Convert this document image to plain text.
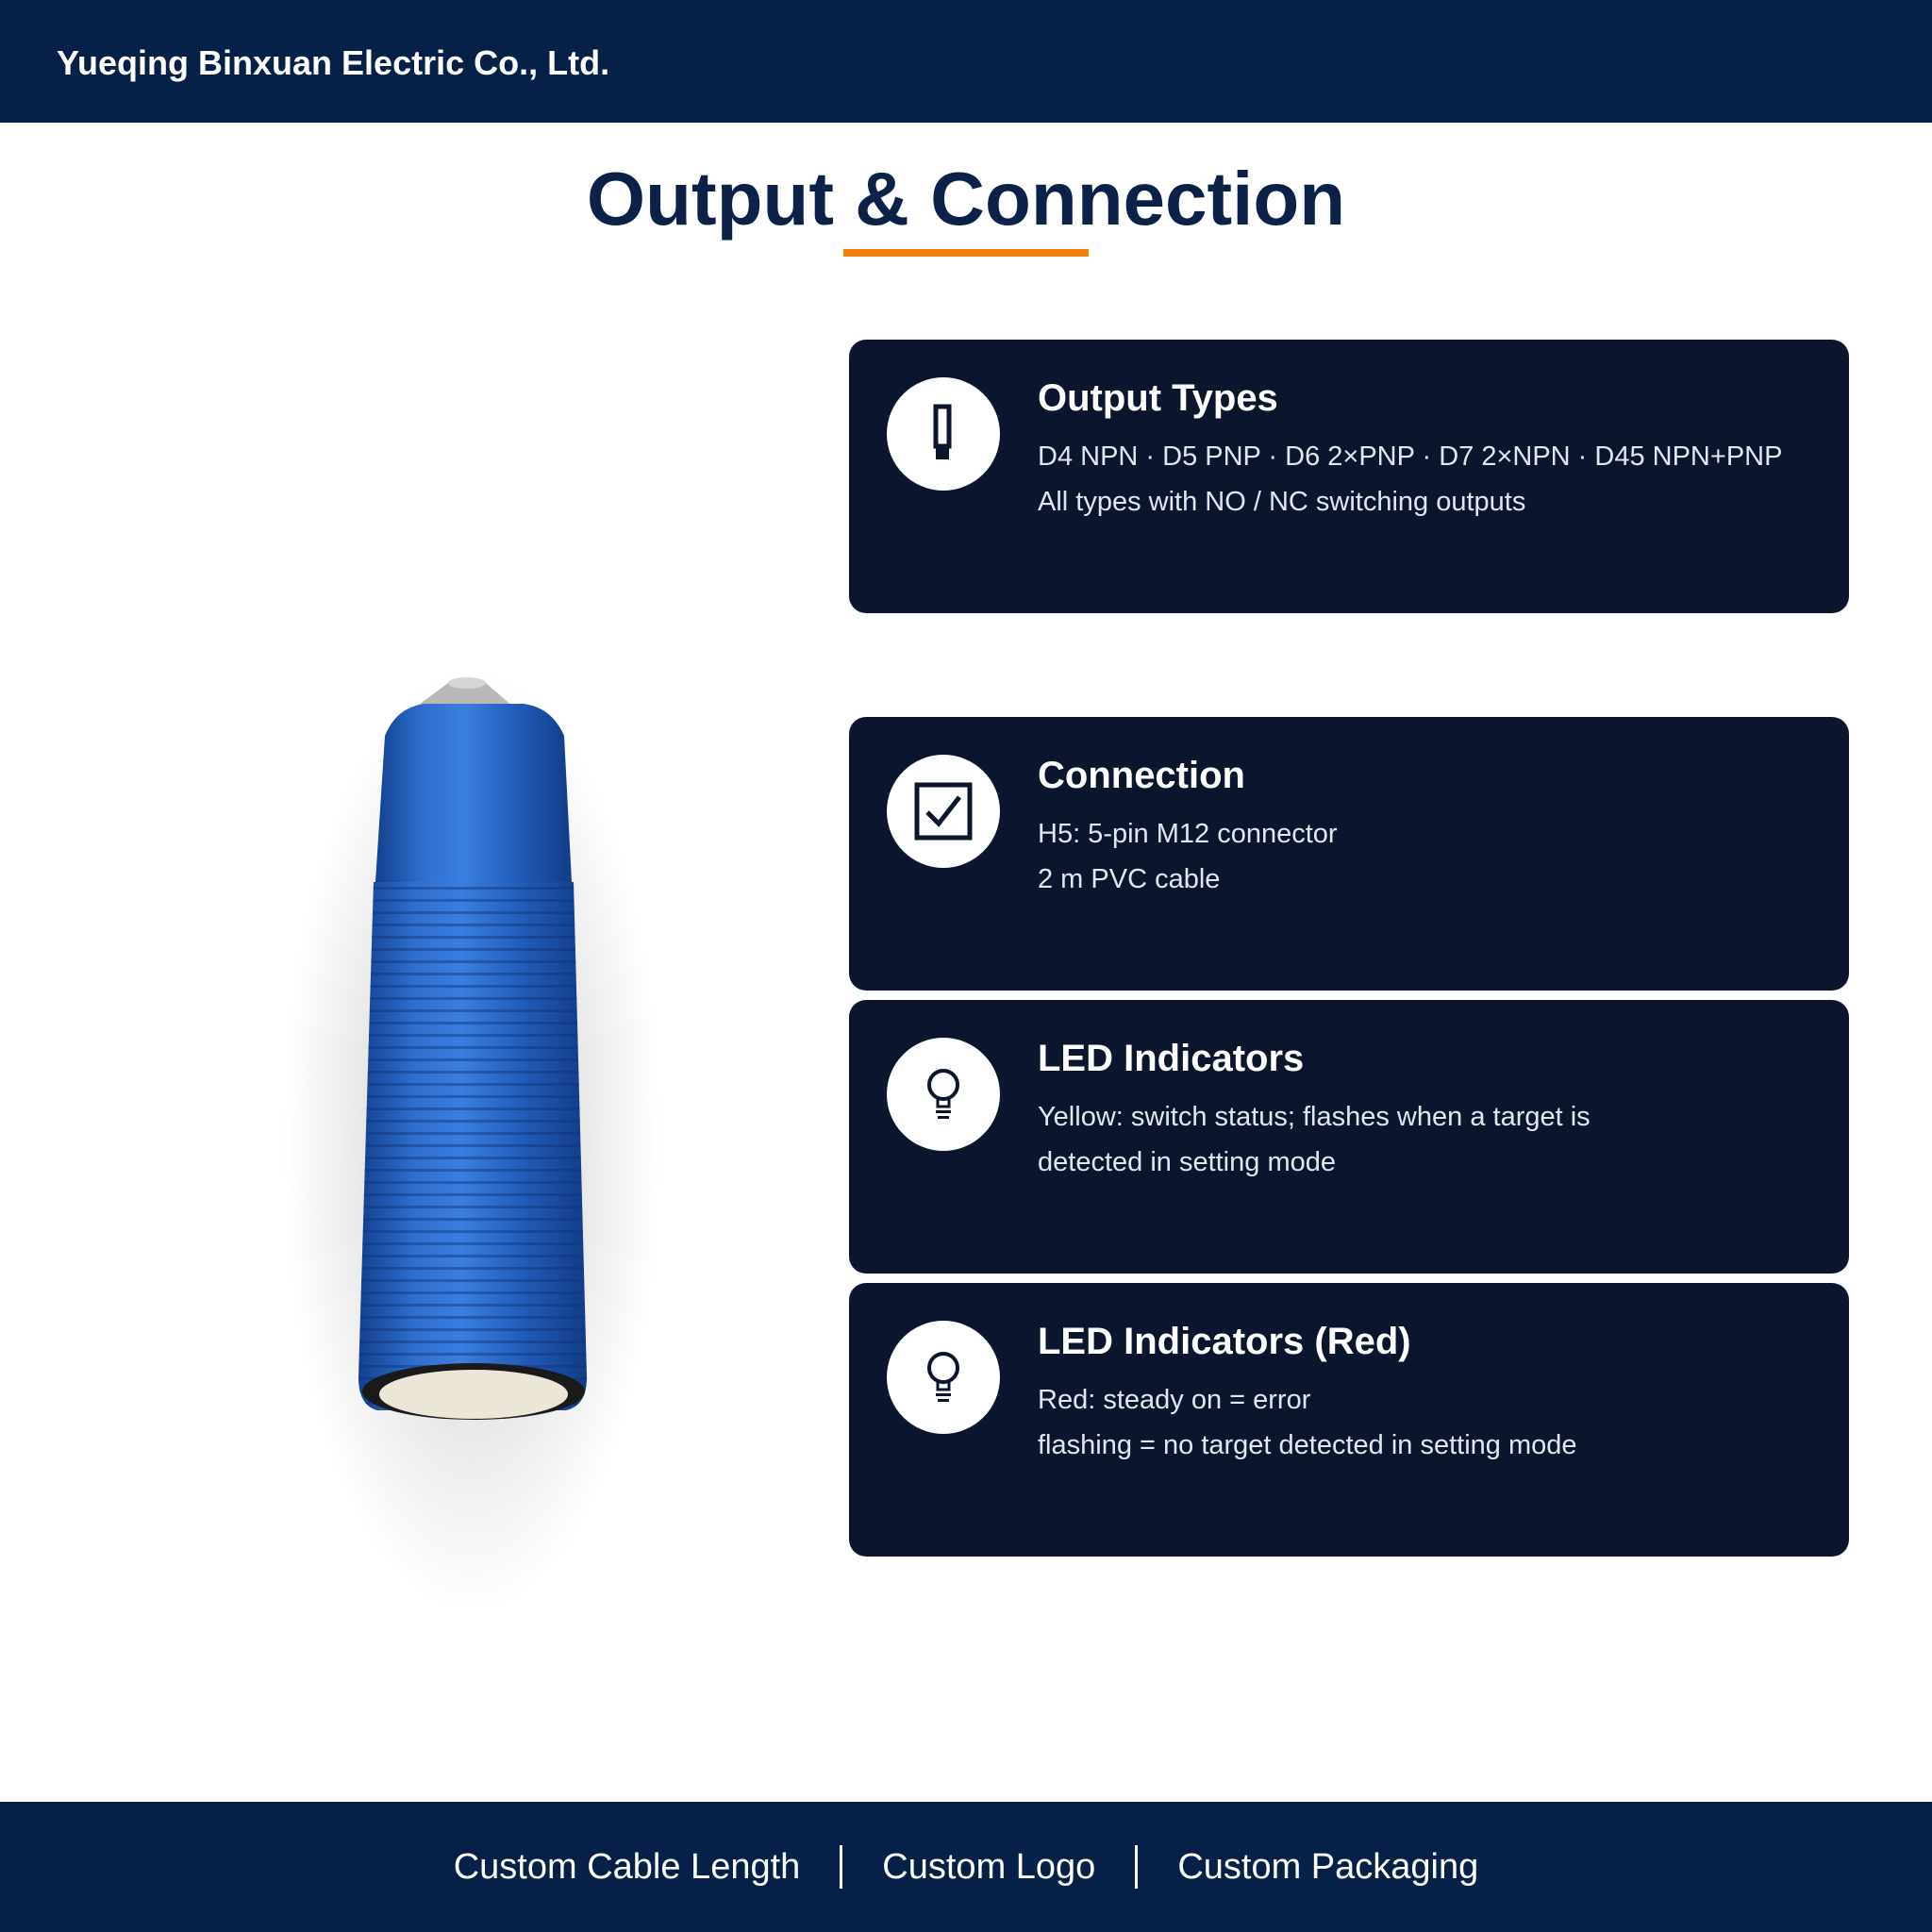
Yueqing Binxuan Electric Co., Ltd.
Output & Connection
Output Types
D4 NPN · D5 PNP · D6 2×PNP · D7 2×NPN · D45 NPN+PNP
All types with NO / NC switching outputs
Connection
H5: 5-pin M12 connector
2 m PVC cable
LED Indicators
Yellow: switch status; flashes when a target is
detected in setting mode
LED Indicators (Red)
Red: steady on = error
flashing = no target detected in setting mode
Custom Cable Length	Custom Logo	Custom Packaging
